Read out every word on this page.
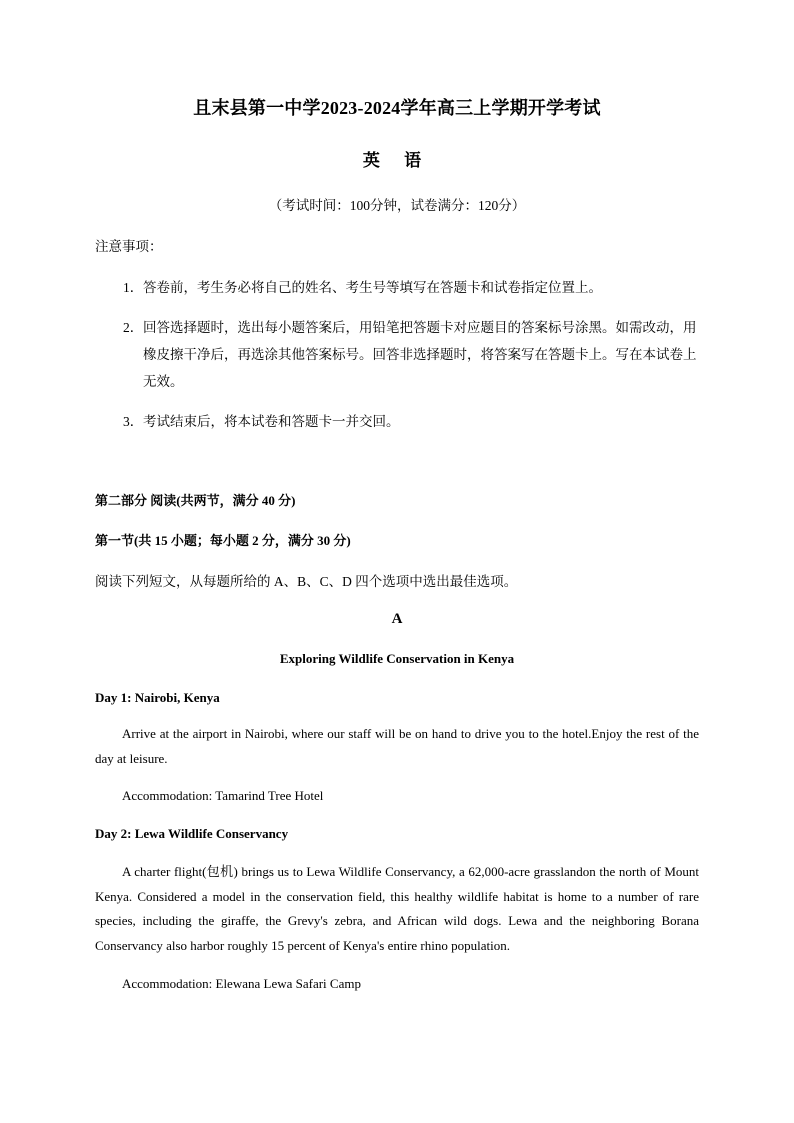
且末县第一中学2023-2024学年高三上学期开学考试
英 语
（考试时间：100分钟，试卷满分：120分）
注意事项：
1． 答卷前，考生务必将自己的姓名、考生号等填写在答题卡和试卷指定位置上。
2． 回答选择题时，选出每小题答案后，用铅笔把答题卡对应题目的答案标号涂黑。如需改动，用橡皮擦干净后，再选涂其他答案标号。回答非选择题时，将答案写在答题卡上。写在本试卷上无效。
3． 考试结束后，将本试卷和答题卡一并交回。
第二部分 阅读(共两节，满分 40 分)
第一节(共 15 小题；每小题 2 分，满分 30 分)
阅读下列短文，从每题所给的 A、B、C、D 四个选项中选出最佳选项。
A
Exploring Wildlife Conservation in Kenya
Day 1: Nairobi, Kenya
Arrive at the airport in Nairobi, where our staff will be on hand to drive you to the hotel.Enjoy the rest of the day at leisure.
Accommodation: Tamarind Tree Hotel
Day 2: Lewa Wildlife Conservancy
A charter flight(包机) brings us to Lewa Wildlife Conservancy, a 62,000-acre grasslandon the north of Mount Kenya. Considered a model in the conservation field, this healthy wildlife habitat is home to a number of rare species, including the giraffe, the Grevy's zebra, and African wild dogs. Lewa and the neighboring Borana Conservancy also harbor roughly 15 percent of Kenya's entire rhino population.
Accommodation: Elewana Lewa Safari Camp
